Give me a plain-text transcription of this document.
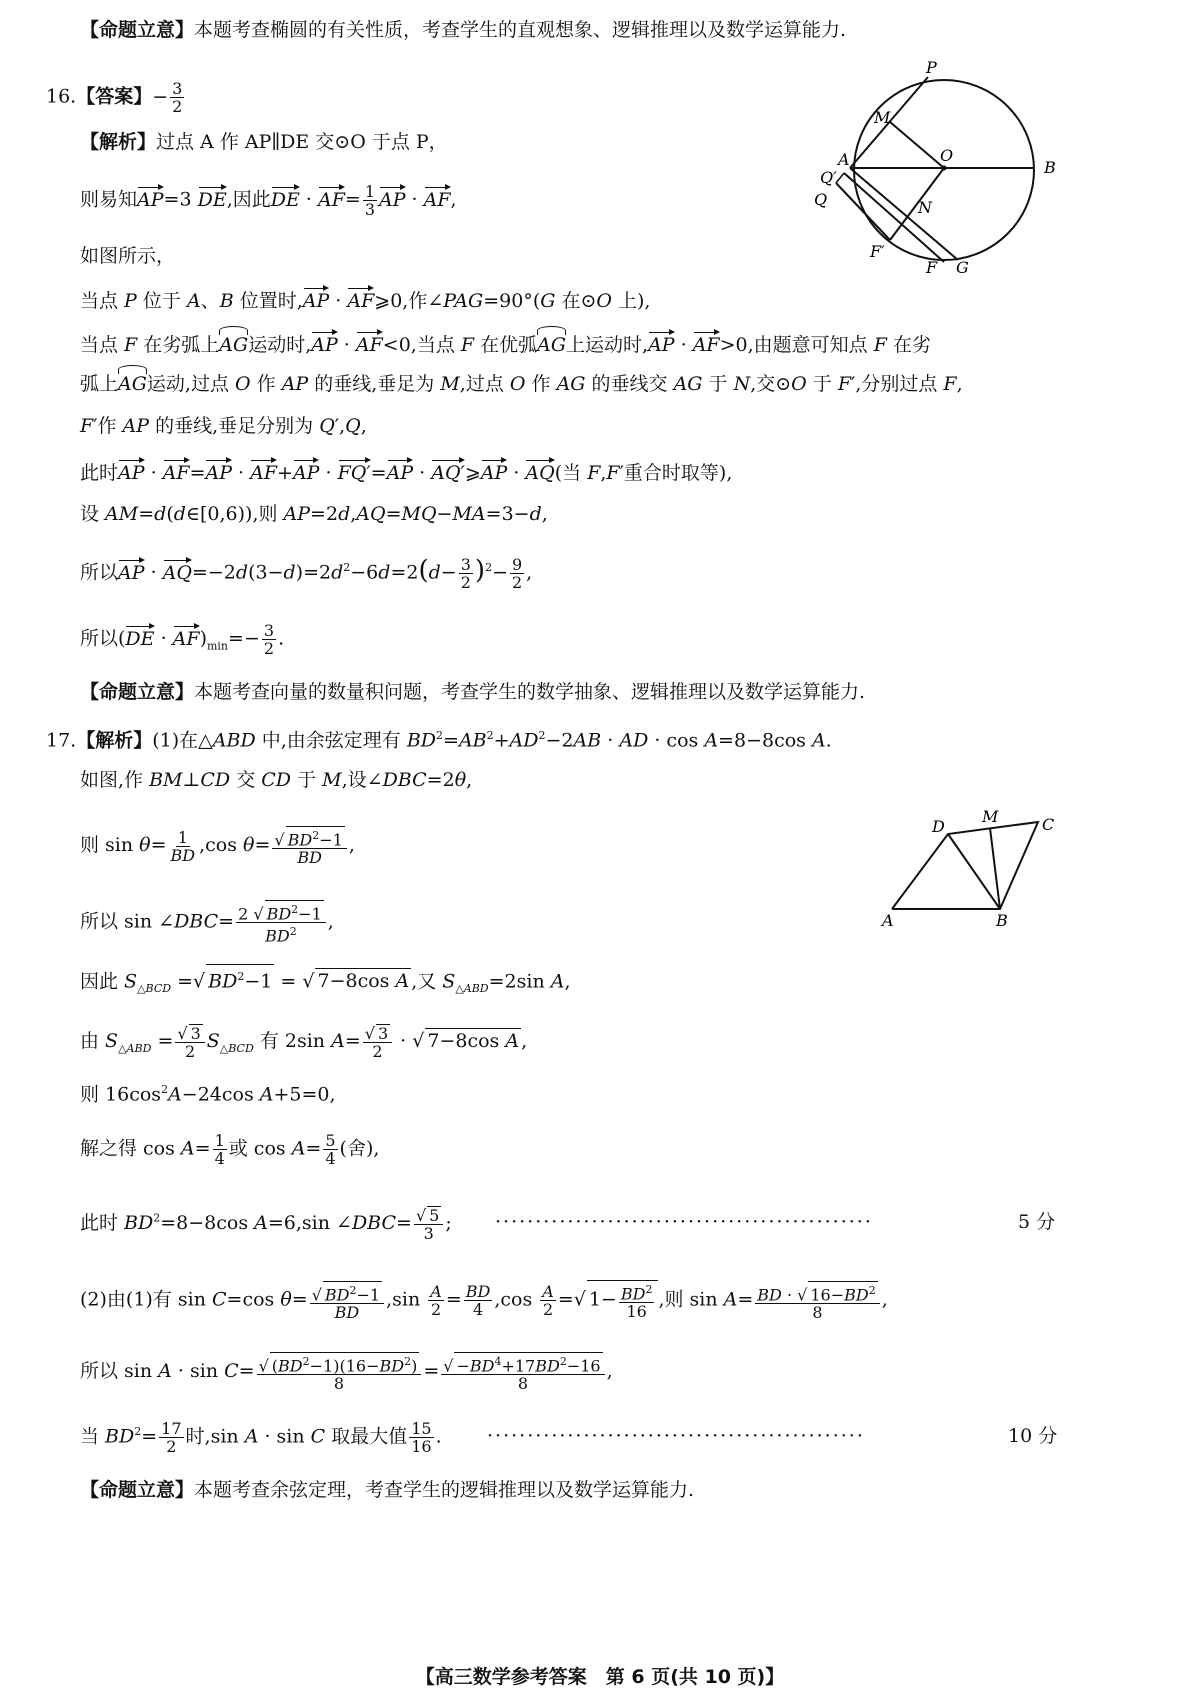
【命题立意】本题考查椭圆的有关性质，考查学生的直观想象、逻辑推理以及数学运算能力.
16.【答案】− $\frac{3}{2}$
【解析】过点 A 作 AP∥DE 交⊙O 于点 P，
则易知AP=3 DE,因此DE · $AF= \frac{1}{3}$ AP · AF,
如图所示，
当点 P 位于 A、B 位置时,AP · AF⩾0,作∠PAG=90°(G 在⊙O 上),
当点 F 在劣弧上AG运动时,AP · AF<0,当点 F 在优弧AG上运动时,AP · AF>0,由题意可知点 F 在劣
弧上AG运动,过点 O 作 AP 的垂线,垂足为 M,过点 O 作 AG 的垂线交 AG 于 N,交⊙O 于 F′,分别过点 F,
F′作 AP 的垂线,垂足分别为 Q′,Q,
此时AP · AF=AP · AF+AP · FQ′=AP · AQ′⩾AP · AQ(当 F,F′重合时取等),
设 AM=d(d∈[0,6)),则 AP=2d,AQ=MQ−MA=3−d,
所以AP · $AQ=-2d(3-d)=2d^2-6d=2(d- \frac{3}{2} )^2- \frac{9}{2}$ ,
所以$(DE \cdot AF)_{min}=- \frac{3}{2}$ .
【命题立意】本题考查向量的数量积问题，考查学生的数学抽象、逻辑推理以及数学运算能力.
P
M
A	O
B
Q′
Q	N
F′
F G
17.【解析】(1)在△ABD 中,由余弦定理有 $BD^2=AB^2+AD^2-2AB$ · AD · cos A=8−8cos A.
如图,作 BM⊥CD 交 CD 于 M,设∠DBC=2θ,
则 $\sin \theta= \frac{1}{BD} ,\cos$ $\theta= \frac{√ BD^2-1}{BD}$ ,
所以 sin ∠DBC= $\frac{2 √ BD^2-1}{BD^2}$ ,
因此 $S_{\triangle BCD}$ =√ $BD^2-1$ = √ 7−8cos A ,又 $S_{\triangle ABD}=2\sin$ A,
由 $S_{\triangle ABD} = \frac{√ 3}{2} S_{\triangle BCD}$ 有 2sin $A= \frac{√ 3}{2}$ · √ 7−8cos A ,
则 $16\cos^2A-24\cos$ A+5=0,
解之得 $\cos A= \frac{1}{4}$ 或 $\cos A= \frac{5}{4}$ (舍),
此时 $BD^2=8-8\cos$ A=6,sin ∠DBC= $\frac{√ 5}{3}$ ; ···············································	5 分
(2)由(1)有 sin C=cos $\theta= \frac{√ BD^2-1}{BD} ,\sin \frac{A}{2} = \frac{BD}{4} ,\cos \frac{A}{2}$ =√ $1- \frac{BD^2}{16}$ ,则 $\sin A= \frac{BD \cdot √ 16-BD^2}{8}$ ,
所以 $\sin A \cdot \sin C= \frac{√ (BD^2-1)(16-BD^2)}{8} = \frac{√ -BD^4+17BD^2-16}{8}$ ,
当 $BD^2= \frac{17}{2}$ 时,sin A · sin C 取最大值 $\frac{15}{16}$ . ···············································	10 分
【命题立意】本题考查余弦定理，考查学生的逻辑推理以及数学运算能力.
D
M	C
A	B
【高三数学参考答案　第 6 页(共 10 页)】
